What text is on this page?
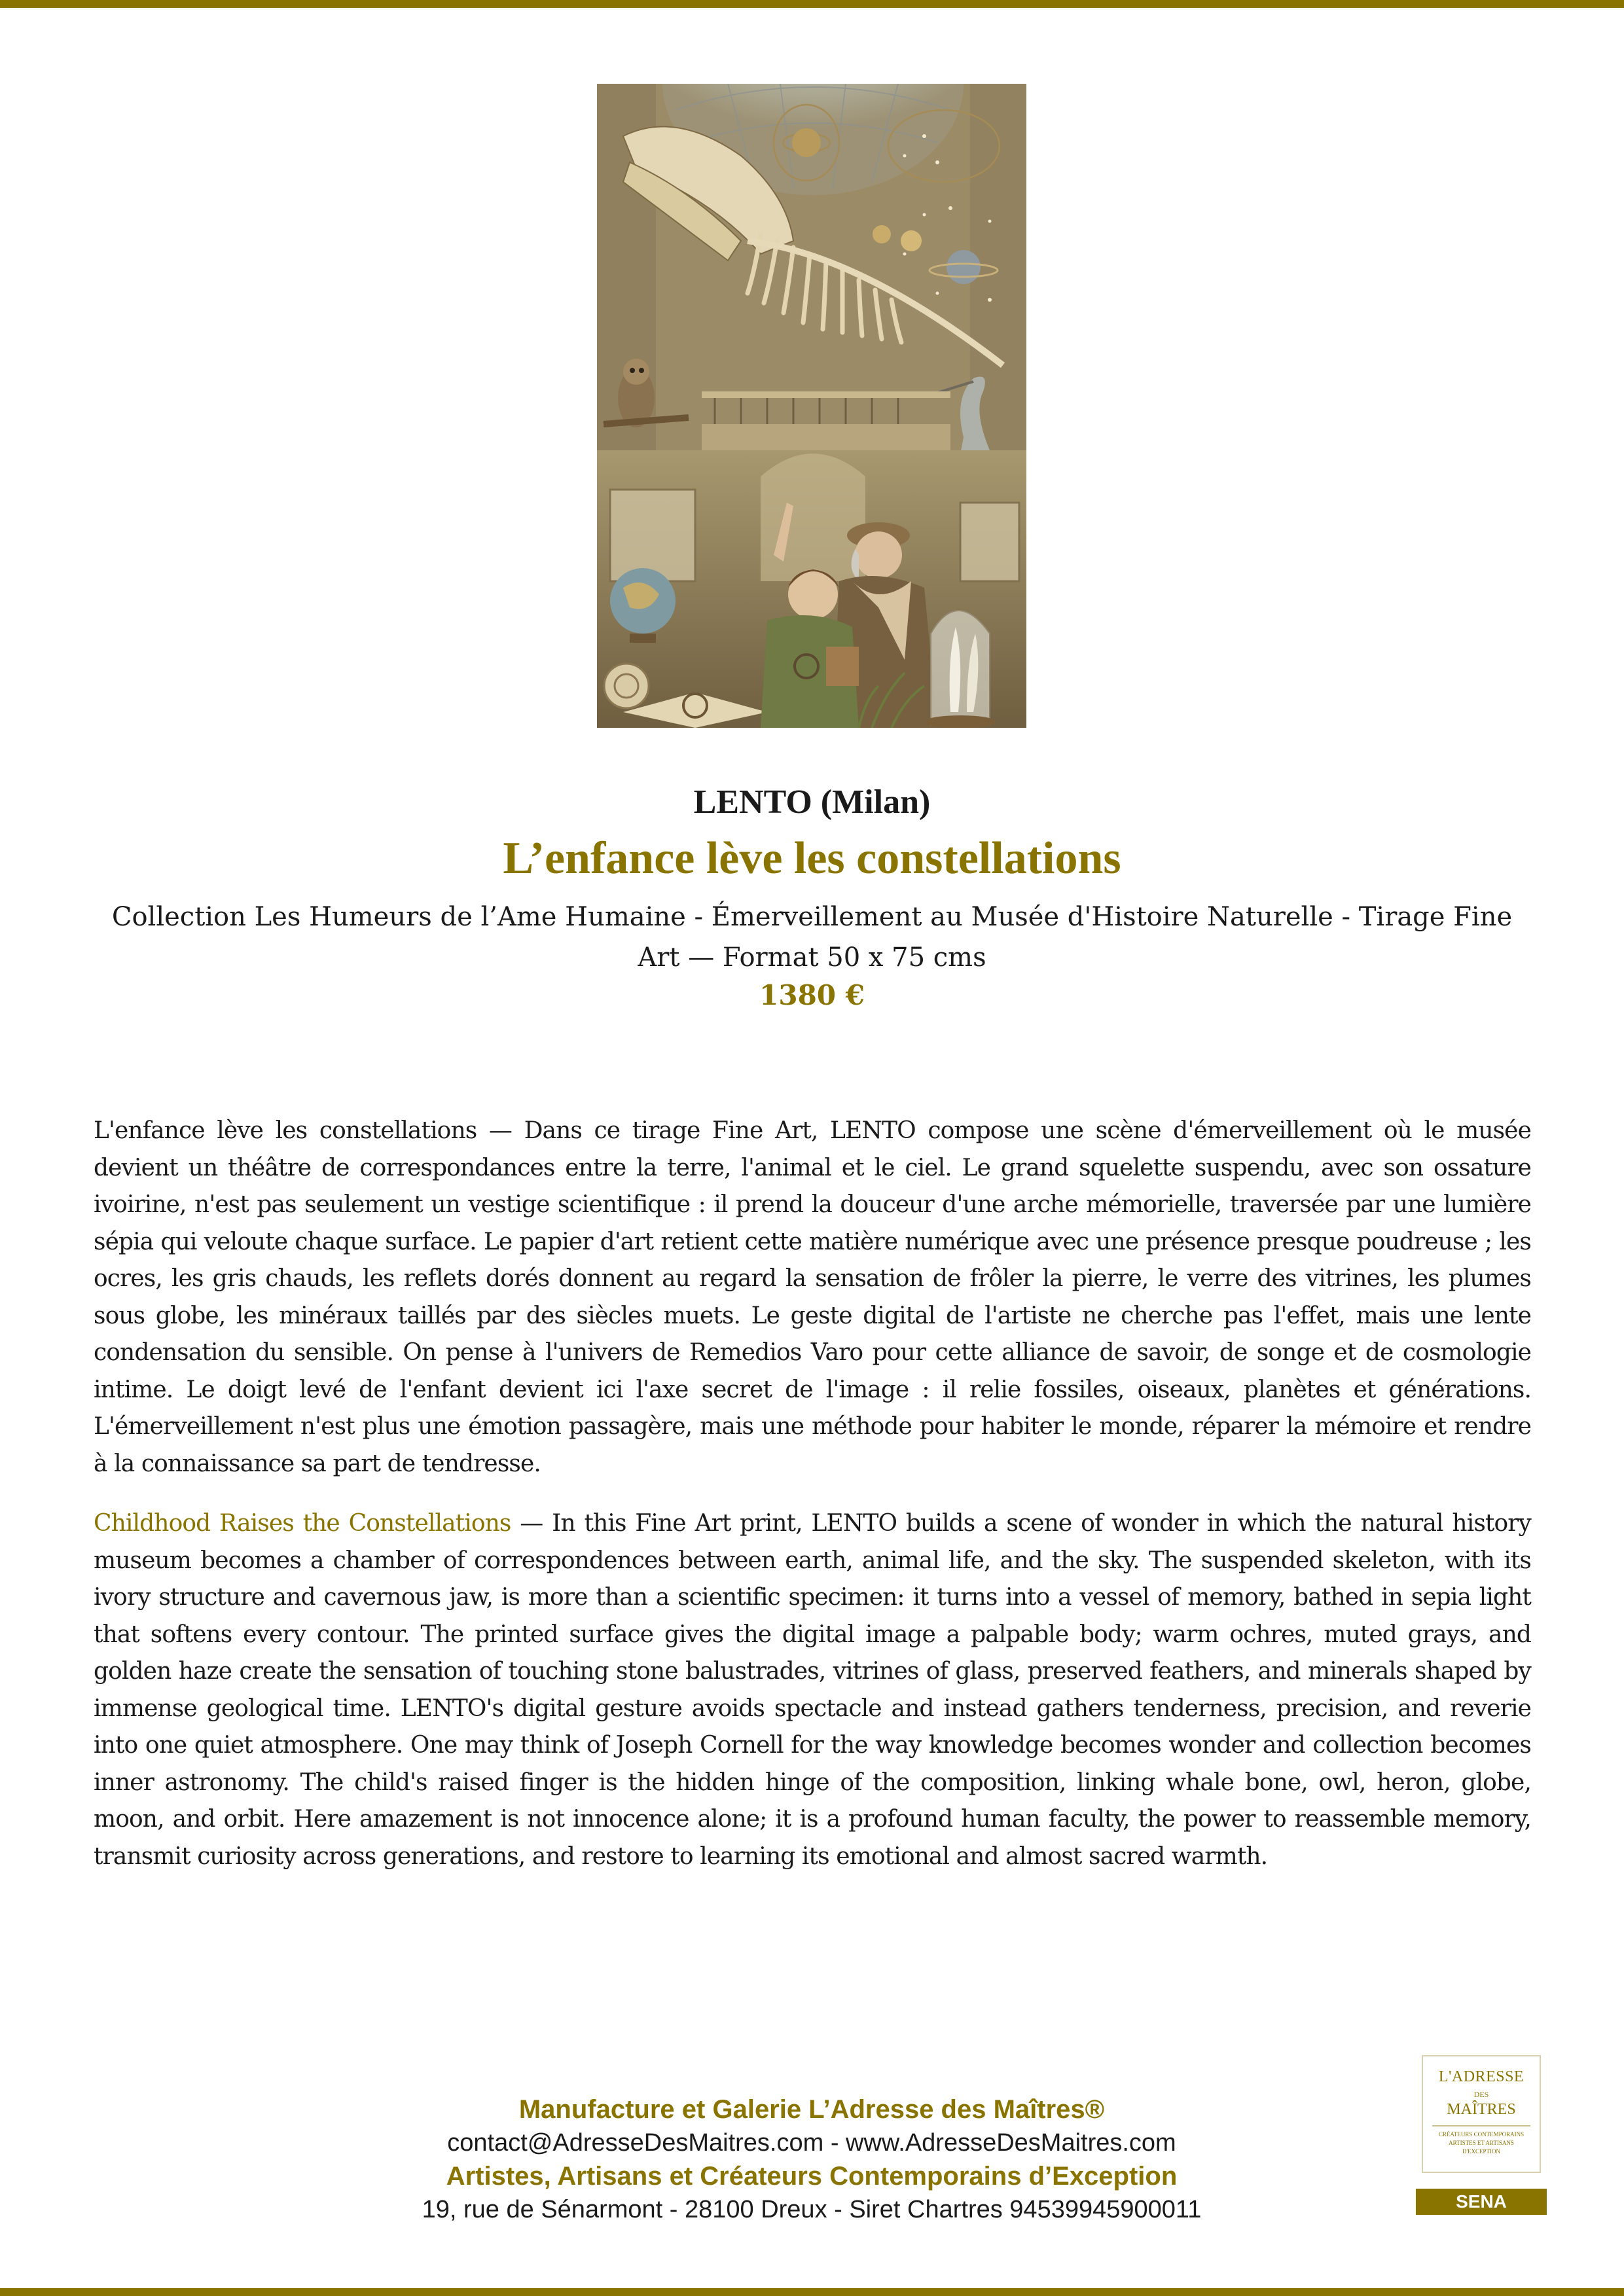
LENTO (Milan)
L’enfance lève les constellations
Collection Les Humeurs de l’Ame Humaine - Émerveillement au Musée d'Histoire Naturelle - Tirage Fine Art — Format 50 x 75 cms
1380 €

L'enfance lève les constellations — Dans ce tirage Fine Art, LENTO compose une scène d'émerveillement où le musée devient un théâtre de correspondances entre la terre, l'animal et le ciel. Le grand squelette suspendu, avec son ossature ivoirine, n'est pas seulement un vestige scientifique : il prend la douceur d'une arche mémorielle, traversée par une lumière sépia qui veloute chaque surface. Le papier d'art retient cette matière numérique avec une présence presque poudreuse ; les ocres, les gris chauds, les reflets dorés donnent au regard la sensation de frôler la pierre, le verre des vitrines, les plumes sous globe, les minéraux taillés par des siècles muets. Le geste digital de l'artiste ne cherche pas l'effet, mais une lente condensation du sensible. On pense à l'univers de Remedios Varo pour cette alliance de savoir, de songe et de cosmologie intime. Le doigt levé de l'enfant devient ici l'axe secret de l'image : il relie fossiles, oiseaux, planètes et générations. L'émerveillement n'est plus une émotion passagère, mais une méthode pour habiter le monde, réparer la mémoire et rendre à la connaissance sa part de tendresse.

Childhood Raises the Constellations — In this Fine Art print, LENTO builds a scene of wonder in which the natural history museum becomes a chamber of correspondences between earth, animal life, and the sky. The suspended skeleton, with its ivory structure and cavernous jaw, is more than a scientific specimen: it turns into a vessel of memory, bathed in sepia light that softens every contour. The printed surface gives the digital image a palpable body; warm ochres, muted grays, and golden haze create the sensation of touching stone balustrades, vitrines of glass, preserved feathers, and minerals shaped by immense geological time. LENTO's digital gesture avoids spectacle and instead gathers tenderness, precision, and reverie into one quiet atmosphere. One may think of Joseph Cornell for the way knowledge becomes wonder and collection becomes inner astronomy. The child's raised finger is the hidden hinge of the composition, linking whale bone, owl, heron, globe, moon, and orbit. Here amazement is not innocence alone; it is a profound human faculty, the power to reassemble memory, transmit curiosity across generations, and restore to learning its emotional and almost sacred warmth.

Manufacture et Galerie L’Adresse des Maîtres®
contact@AdresseDesMaitres.com - www.AdresseDesMaitres.com
Artistes, Artisans et Créateurs Contemporains d’Exception
19, rue de Sénarmont - 28100 Dreux - Siret Chartres 94539945900011
L'ADRESSE
DES
MAÎTRES
CRÉATEURS CONTEMPORAINS
ARTISTES ET ARTISANS
D'EXCEPTION
SENA
